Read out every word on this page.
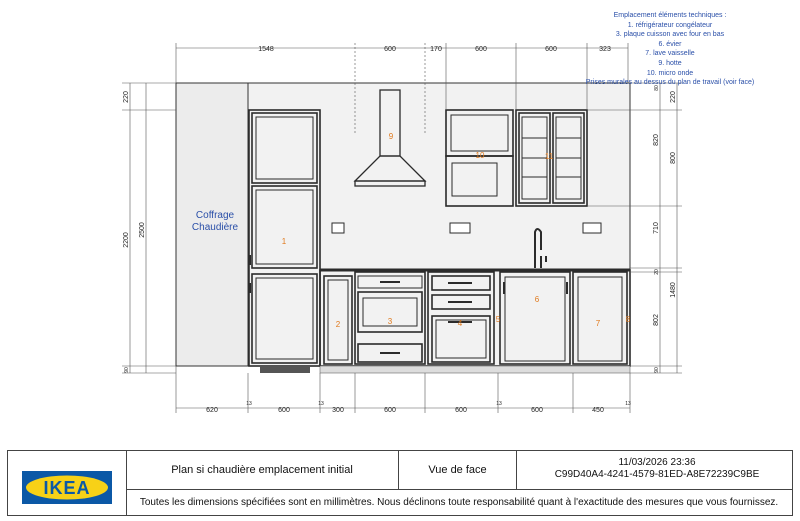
Coffrage
Chaudière
1
2	3	4	5
6
7	8
9
10	11
1548	600	170	600	600	323
620
13
600
13
300	600	600
13
600	450
13
220
2200
2500
90
80
220
820
800
710
20
1480
802
90
Emplacement éléments techniques :
1. réfrigérateur congélateur
3. plaque cuisson avec four en bas
6. évier
7. lave vaisselle
9. hotte
10. micro onde
Prises murales au dessus du plan de travail (voir face)
IKEA
Plan si chaudière emplacement initial	Vue de face
11/03/2026 23:36
C99D40A4-4241-4579-81ED-A8E72239C9BE
Toutes les dimensions spécifiées sont en millimètres. Nous déclinons toute responsabilité quant à l'exactitude des mesures que vous fournissez.
